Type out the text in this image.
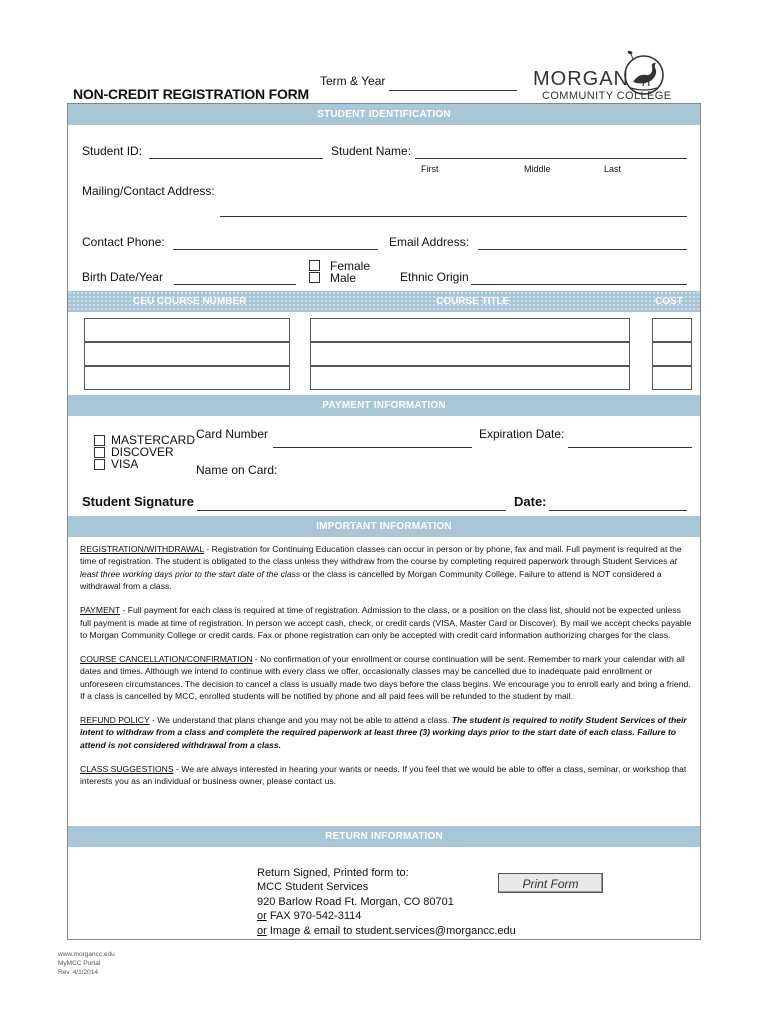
Term & Year
NON-CREDIT REGISTRATION FORM
MORGAN
COMMUNITY COLLEGE
STUDENT IDENTIFICATION
Student ID:	Student Name:
First	Middle	Last
Mailing/Contact Address:
Contact Phone:	Email Address:
Birth Date/Year
Female
Male	Ethnic Origin
CEU COURSE NUMBER	COURSE TITLE	COST
PAYMENT INFORMATION
MASTERCARD
DISCOVER
VISA
Card Number	Expiration Date:
Name on Card:
Student Signature	Date:
IMPORTANT INFORMATION

REGISTRATION/WITHDRAWAL - Registration for Continuing Education classes can occur in person or by phone, fax and mail. Full payment is required at the time of registration. The student is obligated to the class unless they withdraw from the course by completing required paperwork through Student Services at least three working days prior to the start date of the class or the class is cancelled by Morgan Community College. Failure to attend is NOT considered a withdrawal from a class.

PAYMENT - Full payment for each class is required at time of registration. Admission to the class, or a position on the class list, should not be expected unless full payment is made at time of registration. In person we accept cash, check, or credit cards (VISA, Master Card or Discover). By mail we accept checks payable to Morgan Community College or credit cards. Fax or phone registration can only be accepted with credit card information authorizing charges for the class.

COURSE CANCELLATION/CONFIRMATION - No confirmation of your enrollment or course continuation will be sent. Remember to mark your calendar with all dates and times. Although we intend to continue with every class we offer, occasionally classes may be cancelled due to inadequate paid enrollment or unforeseen circumstances. The decision to cancel a class is usually made two days before the class begins. We encourage you to enroll early and bring a friend. If a class is cancelled by MCC, enrolled students will be notified by phone and all paid fees will be refunded to the student by mail.

REFUND POLICY - We understand that plans change and you may not be able to attend a class. The student is required to notify Student Services of their intent to withdraw from a class and complete the required paperwork at least three (3) working days prior to the start date of each class. Failure to attend is not considered withdrawal from a class.

CLASS SUGGESTIONS - We are always interested in hearing your wants or needs. If you feel that we would be able to offer a class, seminar, or workshop that interests you as an individual or business owner, please contact us.

RETURN INFORMATION
Return Signed, Printed form to:
MCC Student Services
920 Barlow Road Ft. Morgan, CO 80701
or FAX 970-542-3114
or Image & email to student.services@morgancc.edu
Print Form
www.morgancc.edu
MyMCC Portal
Rev. 4/1/2014
